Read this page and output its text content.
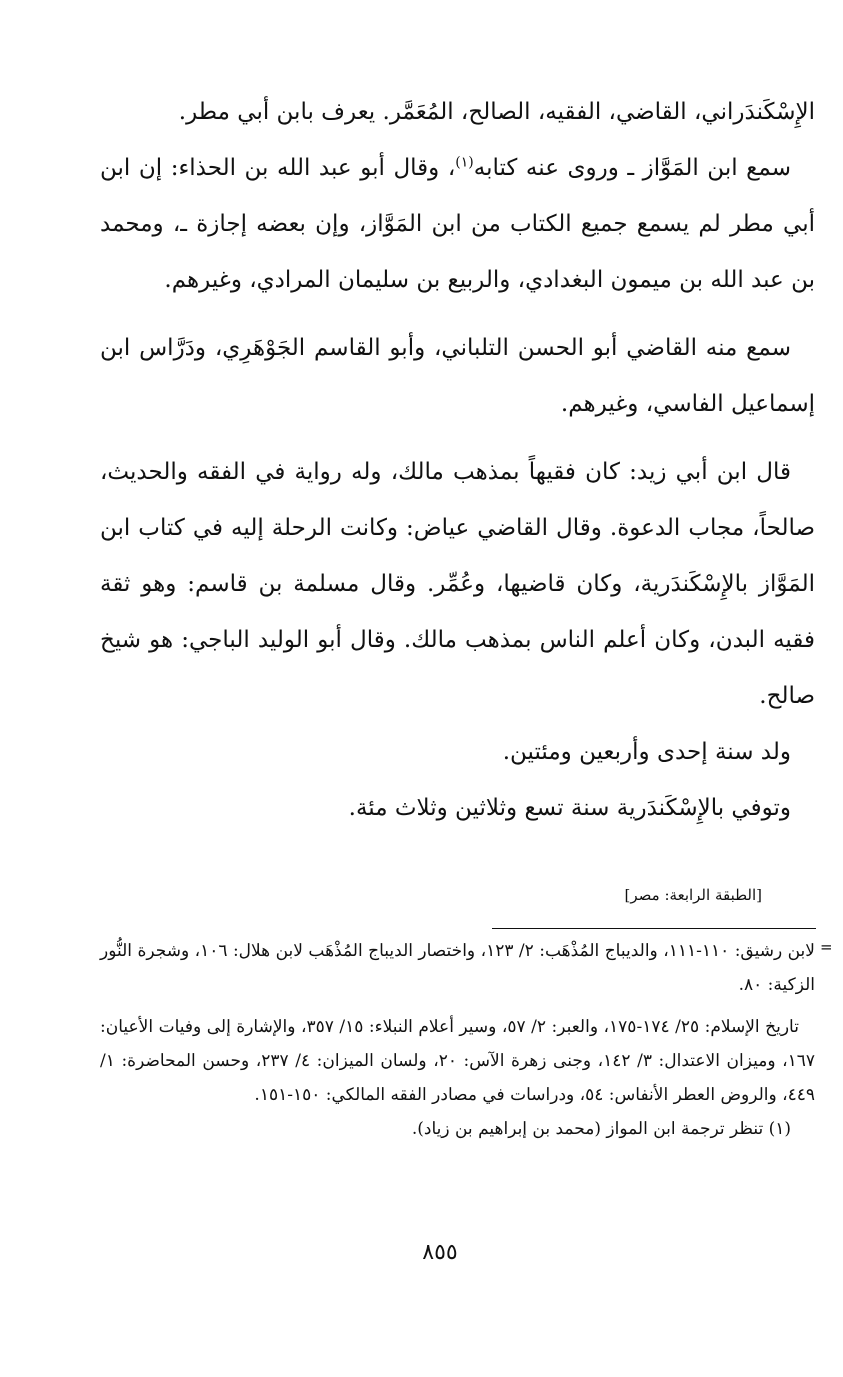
الإِسْكَندَراني، القاضي، الفقيه، الصالح، المُعَمَّر. يعرف بابن أبي مطر.

سمع ابن المَوَّاز ـ وروى عنه كتابه$^{(١)}$، وقال أبو عبد الله بن الحذاء: إن ابن أبي مطر لم يسمع جميع الكتاب من ابن المَوَّاز، وإن بعضه إجازة ـ، ومحمد بن عبد الله بن ميمون البغدادي، والربيع بن سليمان المرادي، وغيرهم.

سمع منه القاضي أبو الحسن التلباني، وأبو القاسم الجَوْهَرِي، ودَرَّاس ابن إسماعيل الفاسي، وغيرهم.

قال ابن أبي زيد: كان فقيهاً بمذهب مالك، وله رواية في الفقه والحديث، صالحاً، مجاب الدعوة. وقال القاضي عياض: وكانت الرحلة إليه في كتاب ابن المَوَّاز بالإِسْكَندَرية، وكان قاضيها، وعُمِّر. وقال مسلمة بن قاسم: وهو ثقة فقيه البدن، وكان أعلم الناس بمذهب مالك. وقال أبو الوليد الباجي: هو شيخ صالح.

ولد سنة إحدى وأربعين ومئتين.

وتوفي بالإِسْكَندَرية سنة تسع وثلاثين وثلاث مئة.

[الطبقة الرابعة: مصر]
=

لابن رشيق: ١١٠-١١١، والديباج المُذْهَب: ٢/ ١٢٣، واختصار الديباج المُذْهَب لابن هلال: ١٠٦، وشجرة النُّور الزكية: ٨٠.

تاريخ الإسلام: ٢٥/ ١٧٤-١٧٥، والعبر: ٢/ ٥٧، وسير أعلام النبلاء: ١٥/ ٣٥٧، والإشارة إلى وفيات الأعيان: ١٦٧، وميزان الاعتدال: ٣/ ١٤٢، وجنى زهرة الآس: ٢٠، ولسان الميزان: ٤/ ٢٣٧، وحسن المحاضرة: ١/ ٤٤٩، والروض العطر الأنفاس: ٥٤، ودراسات في مصادر الفقه المالكي: ١٥٠-١٥١.

(١) تنظر ترجمة ابن المواز (محمد بن إبراهيم بن زياد).

٨٥٥
